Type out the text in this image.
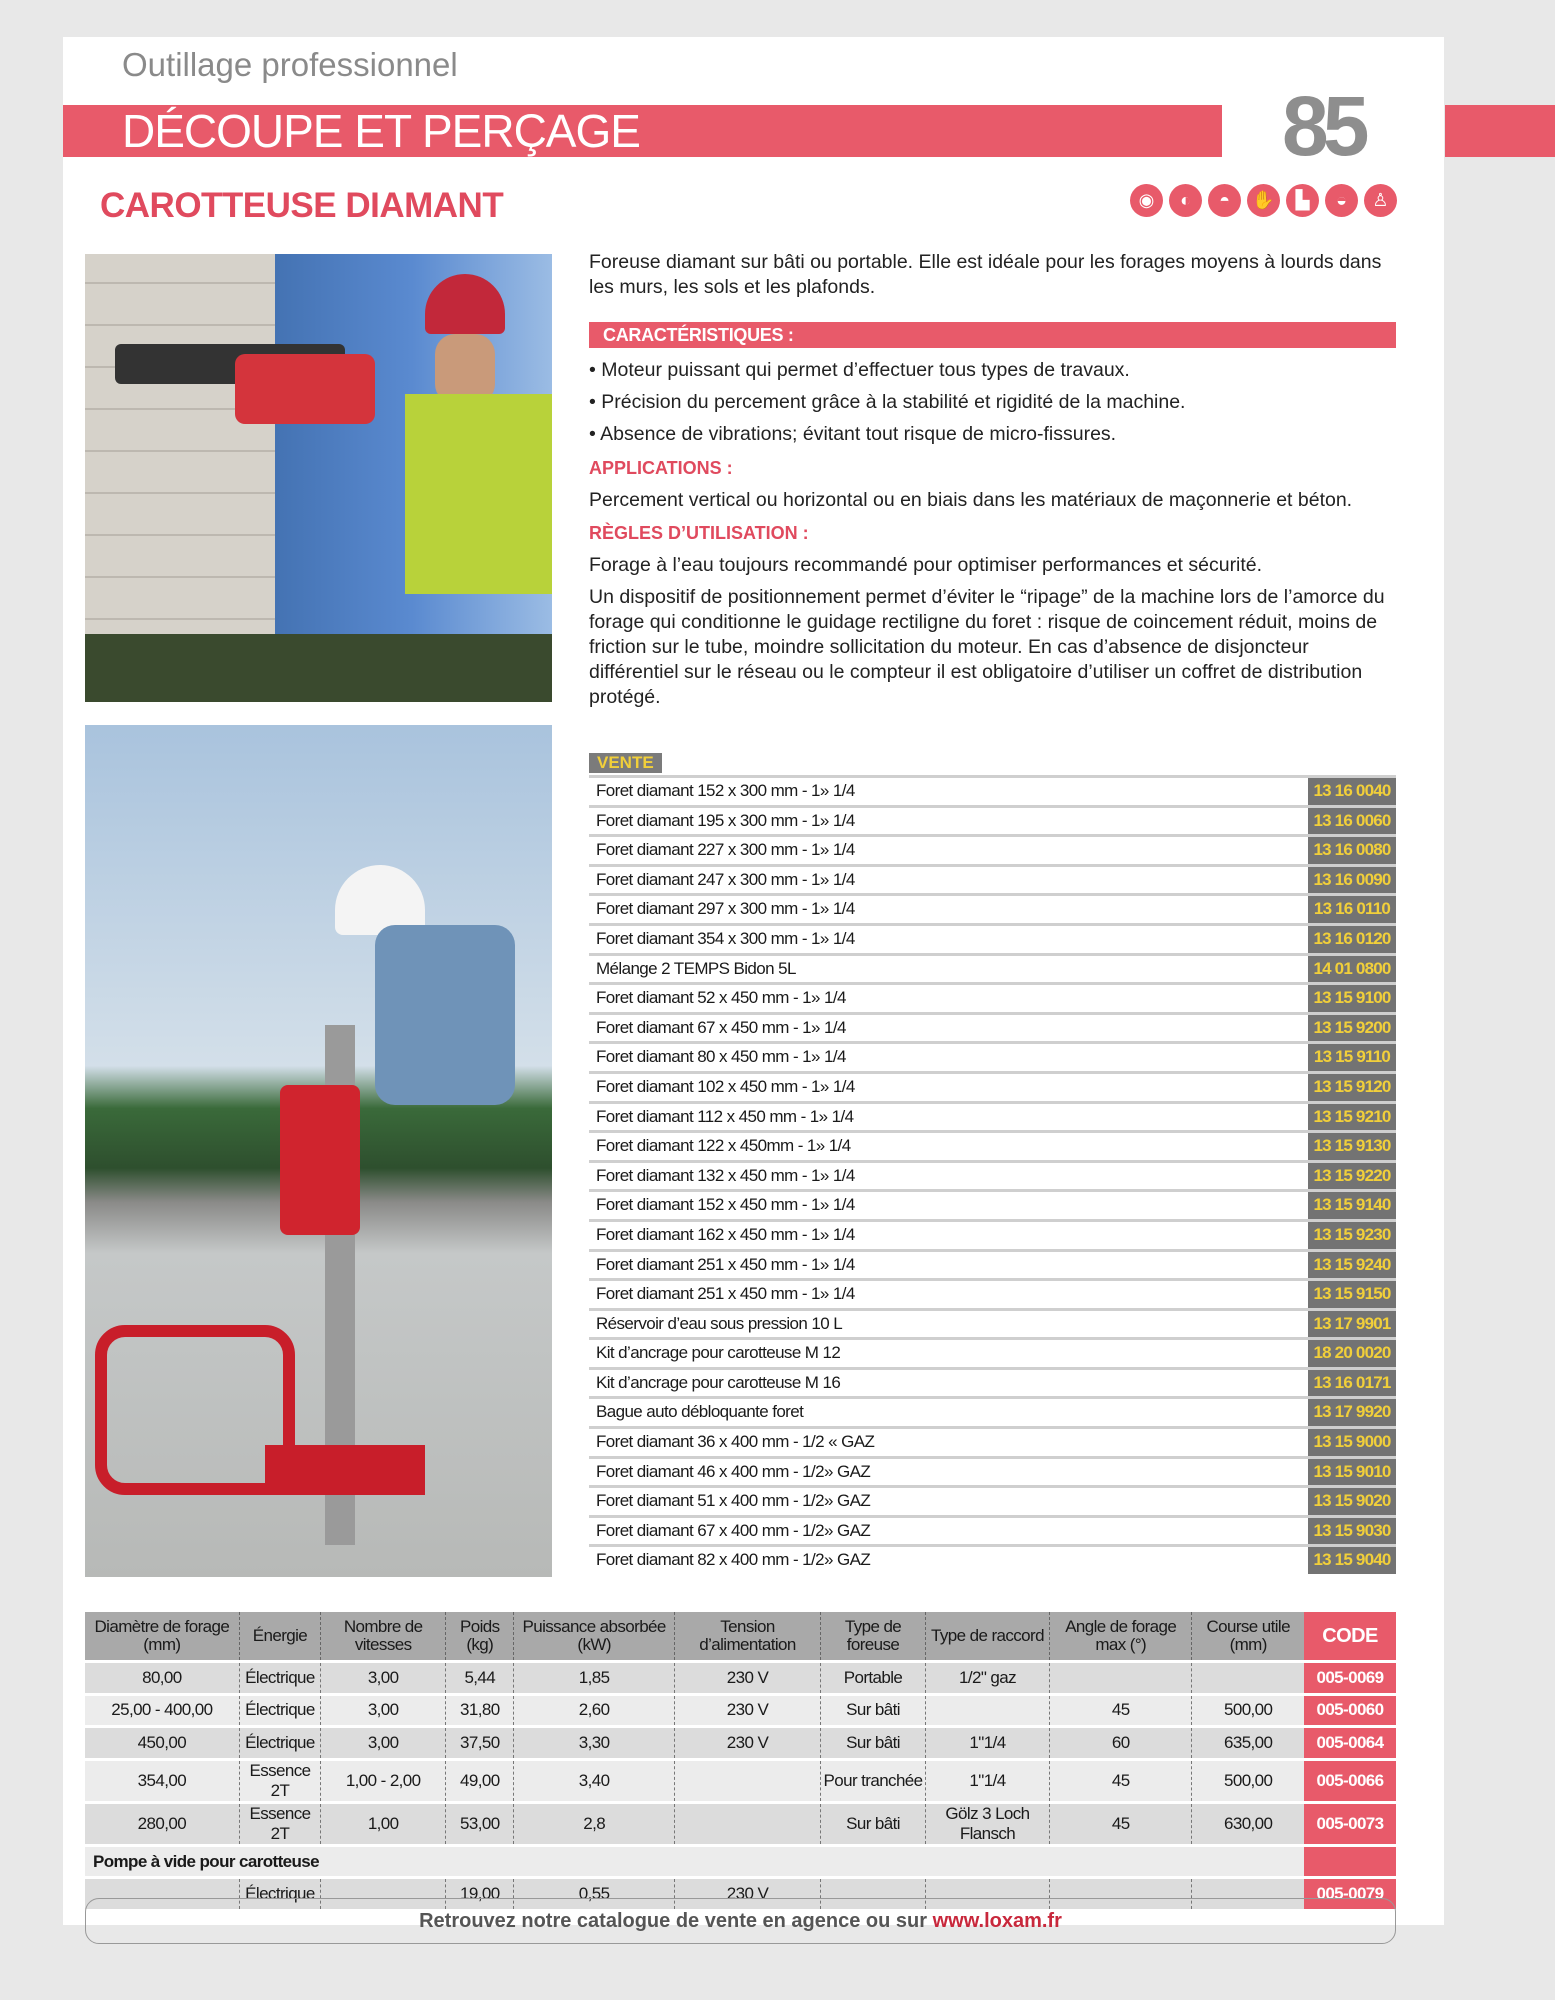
Outillage professionnel
DÉCOUPE ET PERÇAGE	85
CAROTTEUSE DIAMANT	◉	◐	◓	✋	▙	◒	♙
Foreuse diamant sur bâti ou portable. Elle est idéale pour les forages moyens à lourds dans les murs, les sols et les plafonds.
CARACTÉRISTIQUES :
• Moteur puissant qui permet d’effectuer tous types de travaux.
• Précision du percement grâce à la stabilité et rigidité de la machine.
• Absence de vibrations; évitant tout risque de micro-fissures.
APPLICATIONS :
Percement vertical ou horizontal ou en biais dans les matériaux de maçonnerie et béton.
RÈGLES D’UTILISATION :
Forage à l’eau toujours recommandé pour optimiser performances et sécurité.
Un dispositif de positionnement permet d’éviter le “ripage” de la machine lors de l’amorce du forage qui conditionne le guidage rectiligne du foret : risque de coincement réduit, moins de friction sur le tube, moindre sollicitation du moteur. En cas d’absence de disjoncteur différentiel sur le réseau ou le compteur il est obligatoire d’utiliser un coffret de distribution protégé.
VENTE
Foret diamant 152 x 300 mm - 1» 1/4	13 16 0040
Foret diamant 195 x 300 mm - 1» 1/4	13 16 0060
Foret diamant 227 x 300 mm - 1» 1/4	13 16 0080
Foret diamant 247 x 300 mm - 1» 1/4	13 16 0090
Foret diamant 297 x 300 mm - 1» 1/4	13 16 0110
Foret diamant 354 x 300 mm - 1» 1/4	13 16 0120
Mélange 2 TEMPS Bidon 5L	14 01 0800
Foret diamant 52 x 450 mm - 1» 1/4	13 15 9100
Foret diamant 67 x 450 mm - 1» 1/4	13 15 9200
Foret diamant 80 x 450 mm - 1» 1/4	13 15 9110
Foret diamant 102 x 450 mm - 1» 1/4	13 15 9120
Foret diamant 112 x 450 mm - 1» 1/4	13 15 9210
Foret diamant 122 x 450mm - 1» 1/4	13 15 9130
Foret diamant 132 x 450 mm - 1» 1/4	13 15 9220
Foret diamant 152 x 450 mm - 1» 1/4	13 15 9140
Foret diamant 162 x 450 mm - 1» 1/4	13 15 9230
Foret diamant 251 x 450 mm - 1» 1/4	13 15 9240
Foret diamant 251 x 450 mm - 1» 1/4	13 15 9150
Réservoir d’eau sous pression 10 L	13 17 9901
Kit d’ancrage pour carotteuse M 12	18 20 0020
Kit d’ancrage pour carotteuse M 16	13 16 0171
Bague auto débloquante foret	13 17 9920
Foret diamant 36 x 400 mm - 1/2 « GAZ	13 15 9000
Foret diamant 46 x 400 mm - 1/2» GAZ	13 15 9010
Foret diamant 51 x 400 mm - 1/2» GAZ	13 15 9020
Foret diamant 67 x 400 mm - 1/2» GAZ	13 15 9030
Foret diamant 82 x 400 mm - 1/2» GAZ	13 15 9040
Diamètre de forage (mm)	Énergie	Nombre de vitesses	Poids (kg)	Puissance absorbée (kW)	Tension d’alimentation	Type de foreuse	Type de raccord	Angle de forage max (°)	Course utile (mm)	CODE
80,00	Électrique	3,00	5,44	1,85	230 V	Portable	1/2" gaz			005-0069
25,00 - 400,00	Électrique	3,00	31,80	2,60	230 V	Sur bâti		45	500,00	005-0060
450,00	Électrique	3,00	37,50	3,30	230 V	Sur bâti	1"1/4	60	635,00	005-0064
354,00	Essence 2T	1,00 - 2,00	49,00	3,40		Pour tranchée	1"1/4	45	500,00	005-0066
280,00	Essence 2T	1,00	53,00	2,8		Sur bâti	Gölz 3 Loch Flansch	45	630,00	005-0073
Pompe à vide pour carotteuse										
	Électrique		19,00	0,55	230 V					005-0079
Retrouvez notre catalogue de vente en agence ou sur www.loxam.fr
